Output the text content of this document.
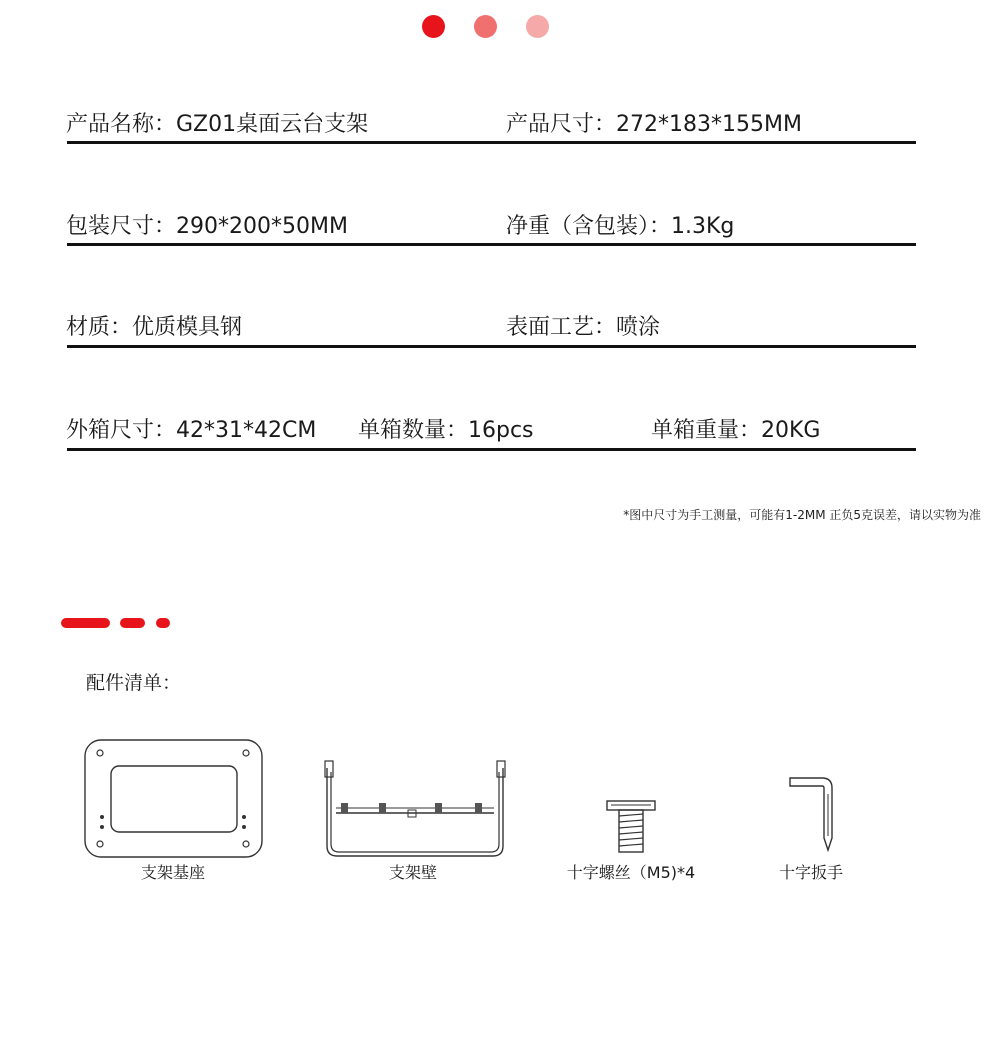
产品名称：GZ01桌面云台支架	产品尺寸：272*183*155MM
包装尺寸：290*200*50MM	净重（含包装）：1.3Kg
材质：优质模具钢	表面工艺：喷涂
外箱尺寸：42*31*42CM 单箱数量：16pcs	单箱重量：20KG
*图中尺寸为手工测量，可能有1-2MM 正负5克误差，请以实物为准
配件清单：
支架基座	支架壁	十字螺丝（M5)*4	十字扳手
